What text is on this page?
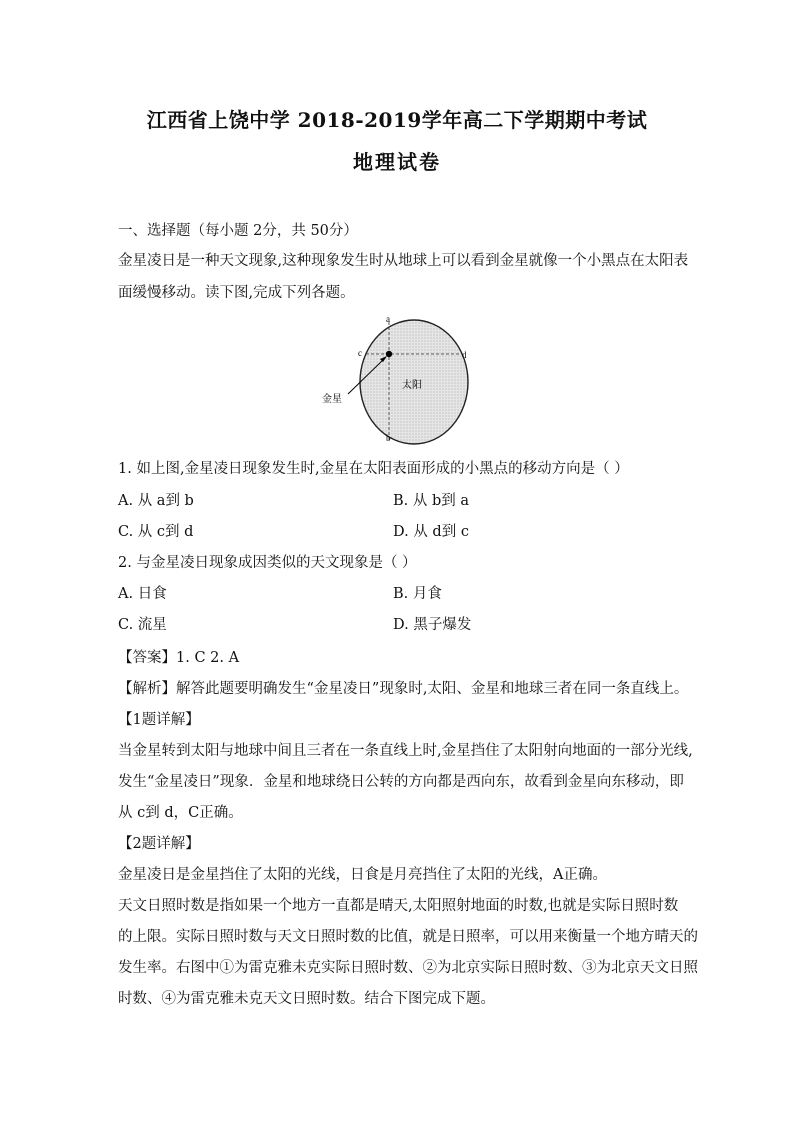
江西省上饶中学 2018-2019学年高二下学期期中考试
地理试卷
一、选择题（每小题 2分，共 50分）
金星凌日是一种天文现象,这种现象发生时从地球上可以看到金星就像一个小黑点在太阳表
面缓慢移动。读下图,完成下列各题。
a
b
c	d
太阳
金星
1. 如上图,金星凌日现象发生时,金星在太阳表面形成的小黑点的移动方向是（ ）
A. 从 a到 b	B. 从 b到 a
C. 从 c到 d	D. 从 d到 c
2. 与金星凌日现象成因类似的天文现象是（ ）
A. 日食	B. 月食
C. 流星	D. 黑子爆发
【答案】1. C 2. A
【解析】解答此题要明确发生“金星凌日”现象时,太阳、金星和地球三者在同一条直线上。
【1题详解】
当金星转到太阳与地球中间且三者在一条直线上时,金星挡住了太阳射向地面的一部分光线,
发生“金星凌日”现象．金星和地球绕日公转的方向都是西向东，故看到金星向东移动，即
从 c到 d，C正确。
【2题详解】
金星凌日是金星挡住了太阳的光线，日食是月亮挡住了太阳的光线，A正确。
天文日照时数是指如果一个地方一直都是晴天,太阳照射地面的时数,也就是实际日照时数
的上限。实际日照时数与天文日照时数的比值，就是日照率，可以用来衡量一个地方晴天的
发生率。右图中①为雷克雅未克实际日照时数、②为北京实际日照时数、③为北京天文日照
时数、④为雷克雅未克天文日照时数。结合下图完成下题。
